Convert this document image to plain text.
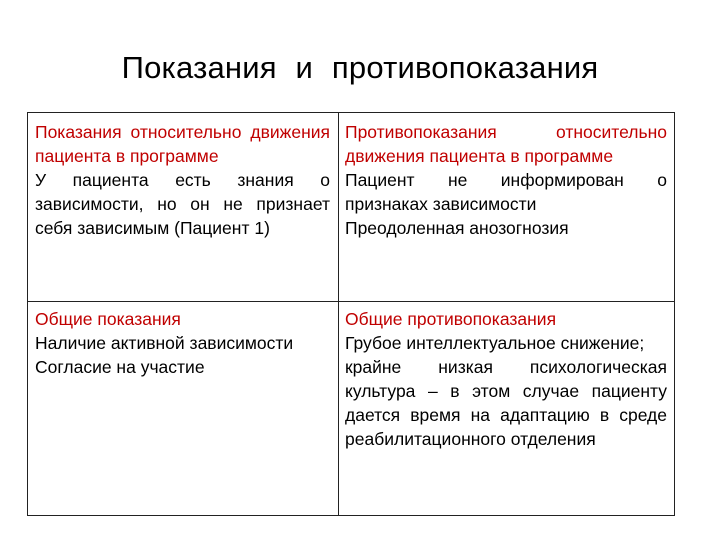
Показания и противопоказания

Показания относительно движения пациента в программе

У пациента есть знания о зависимости, но он не признает себя зависимым (Пациент 1)

Противопоказания относительно движения пациента в программе

Пациент не информирован о признаках зависимости

Преодоленная анозогнозия

Общие показания

Наличие активной зависимости

Согласие на участие

Общие противопоказания

Грубое интеллектуальное снижение;

крайне низкая психологическая культура – в этом случае пациенту дается время на адаптацию в среде реабилитационного отделения
